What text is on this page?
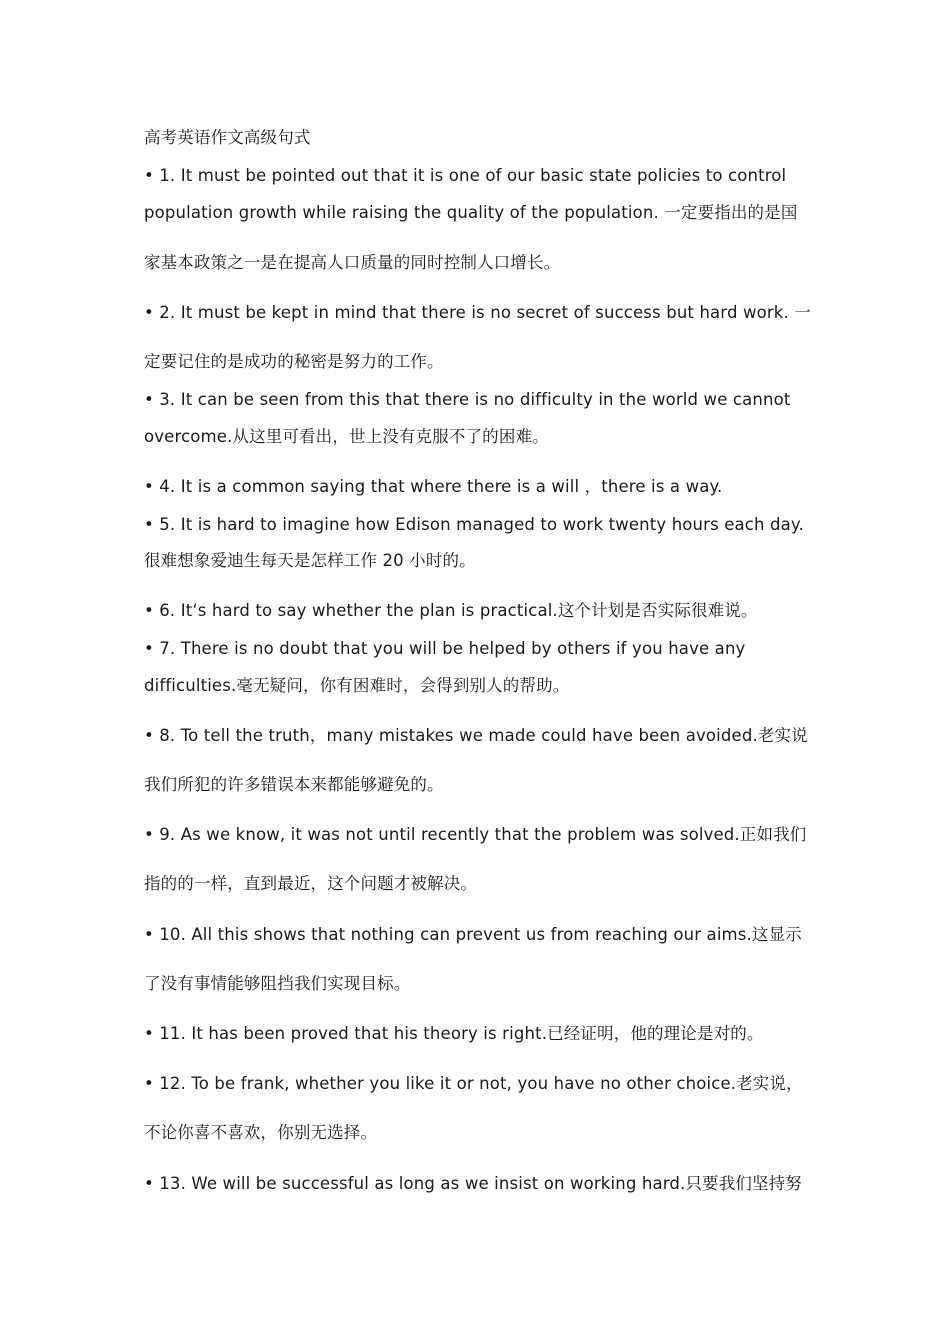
高考英语作文高级句式
• 1. It must be pointed out that it is one of our basic state policies to control
population growth while raising the quality of the population. 一定要指出的是国
家基本政策之一是在提高人口质量的同时控制人口增长。
• 2. It must be kept in mind that there is no secret of success but hard work. 一
定要记住的是成功的秘密是努力的工作。
• 3. It can be seen from this that there is no difficulty in the world we cannot
overcome.从这里可看出，世上没有克服不了的困难。
• 4. It is a common saying that where there is a will ，there is a way.
• 5. It is hard to imagine how Edison managed to work twenty hours each day.
很难想象爱迪生每天是怎样工作 20 小时的。
• 6. It‘s hard to say whether the plan is practical.这个计划是否实际很难说。
• 7. There is no doubt that you will be helped by others if you have any
difficulties.毫无疑问，你有困难时，会得到别人的帮助。
• 8. To tell the truth，many mistakes we made could have been avoided.老实说
我们所犯的许多错误本来都能够避免的。
• 9. As we know, it was not until recently that the problem was solved.正如我们
指的的一样，直到最近，这个问题才被解决。
• 10. All this shows that nothing can prevent us from reaching our aims.这显示
了没有事情能够阻挡我们实现目标。
• 11. It has been proved that his theory is right.已经证明，他的理论是对的。
• 12. To be frank, whether you like it or not, you have no other choice.老实说，
不论你喜不喜欢，你别无选择。
• 13. We will be successful as long as we insist on working hard.只要我们坚持努
